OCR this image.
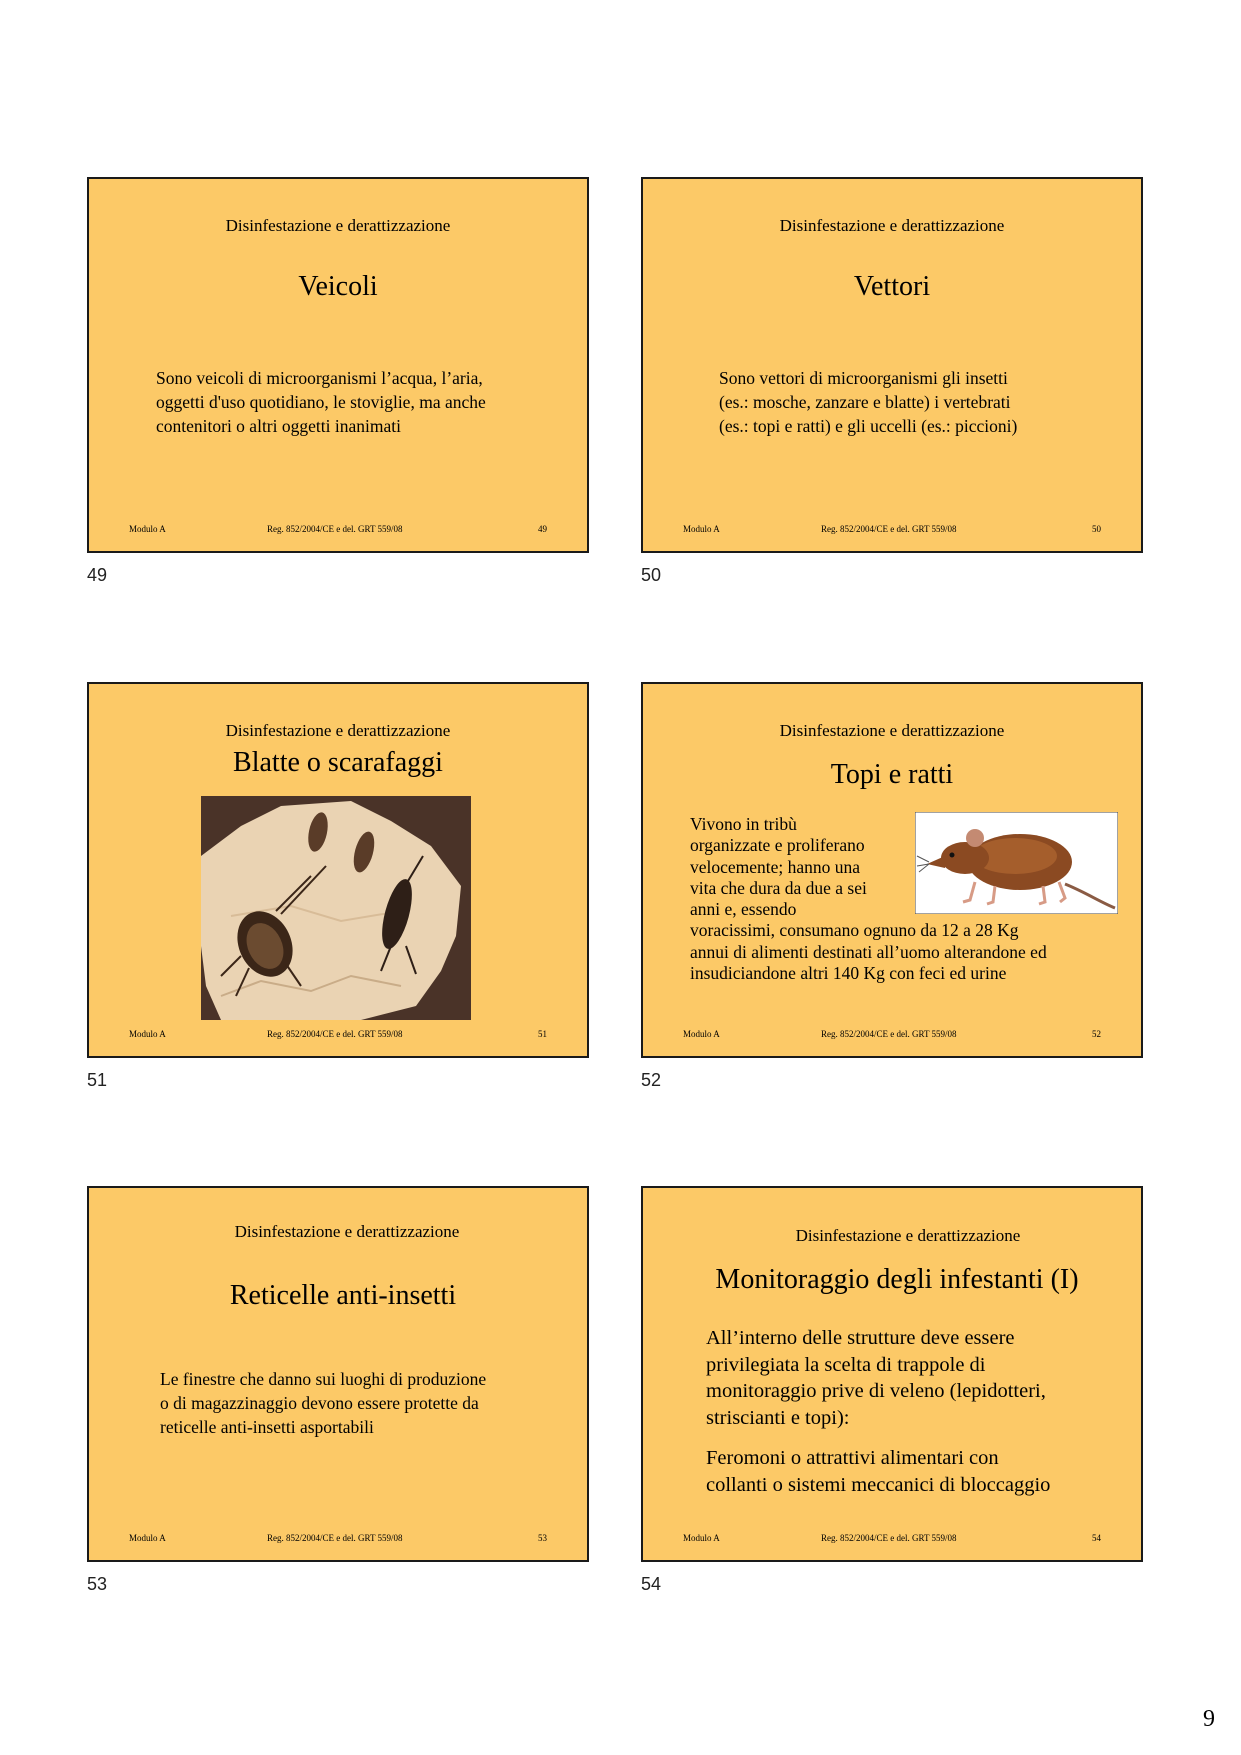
Disinfestazione e derattizzazione
Veicoli
Sono veicoli di microorganismi l’acqua, l’aria,
oggetti d'uso quotidiano, le stoviglie, ma anche
contenitori o altri oggetti inanimati
Modulo A	Reg. 852/2004/CE e del. GRT 559/08	49
49
Disinfestazione e derattizzazione
Vettori
Sono vettori di microorganismi gli insetti
(es.: mosche, zanzare e blatte) i vertebrati
(es.: topi e ratti) e gli uccelli (es.: piccioni)
Modulo A	Reg. 852/2004/CE e del. GRT 559/08	50
50
Disinfestazione e derattizzazione
Blatte o scarafaggi
Modulo A	Reg. 852/2004/CE e del. GRT 559/08	51
51
Disinfestazione e derattizzazione
Topi e ratti
Vivono in tribù
organizzate e proliferano
velocemente; hanno una
vita che dura da due a sei
anni e, essendo
voracissimi, consumano ognuno da 12 a 28 Kg
annui di alimenti destinati all’uomo alterandone ed
insudiciandone altri 140 Kg con feci ed urine
Modulo A	Reg. 852/2004/CE e del. GRT 559/08	52
52
Disinfestazione e derattizzazione
Reticelle anti-insetti
Le finestre che danno sui luoghi di produzione
o di magazzinaggio devono essere protette da
reticelle anti-insetti asportabili
Modulo A	Reg. 852/2004/CE e del. GRT 559/08	53
53
Disinfestazione e derattizzazione
Monitoraggio degli infestanti (I)
All’interno delle strutture deve essere
privilegiata la scelta di trappole di
monitoraggio prive di veleno (lepidotteri,
striscianti e topi):
Feromoni o attrattivi alimentari con
collanti o sistemi meccanici di bloccaggio
Modulo A	Reg. 852/2004/CE e del. GRT 559/08	54
54
9
